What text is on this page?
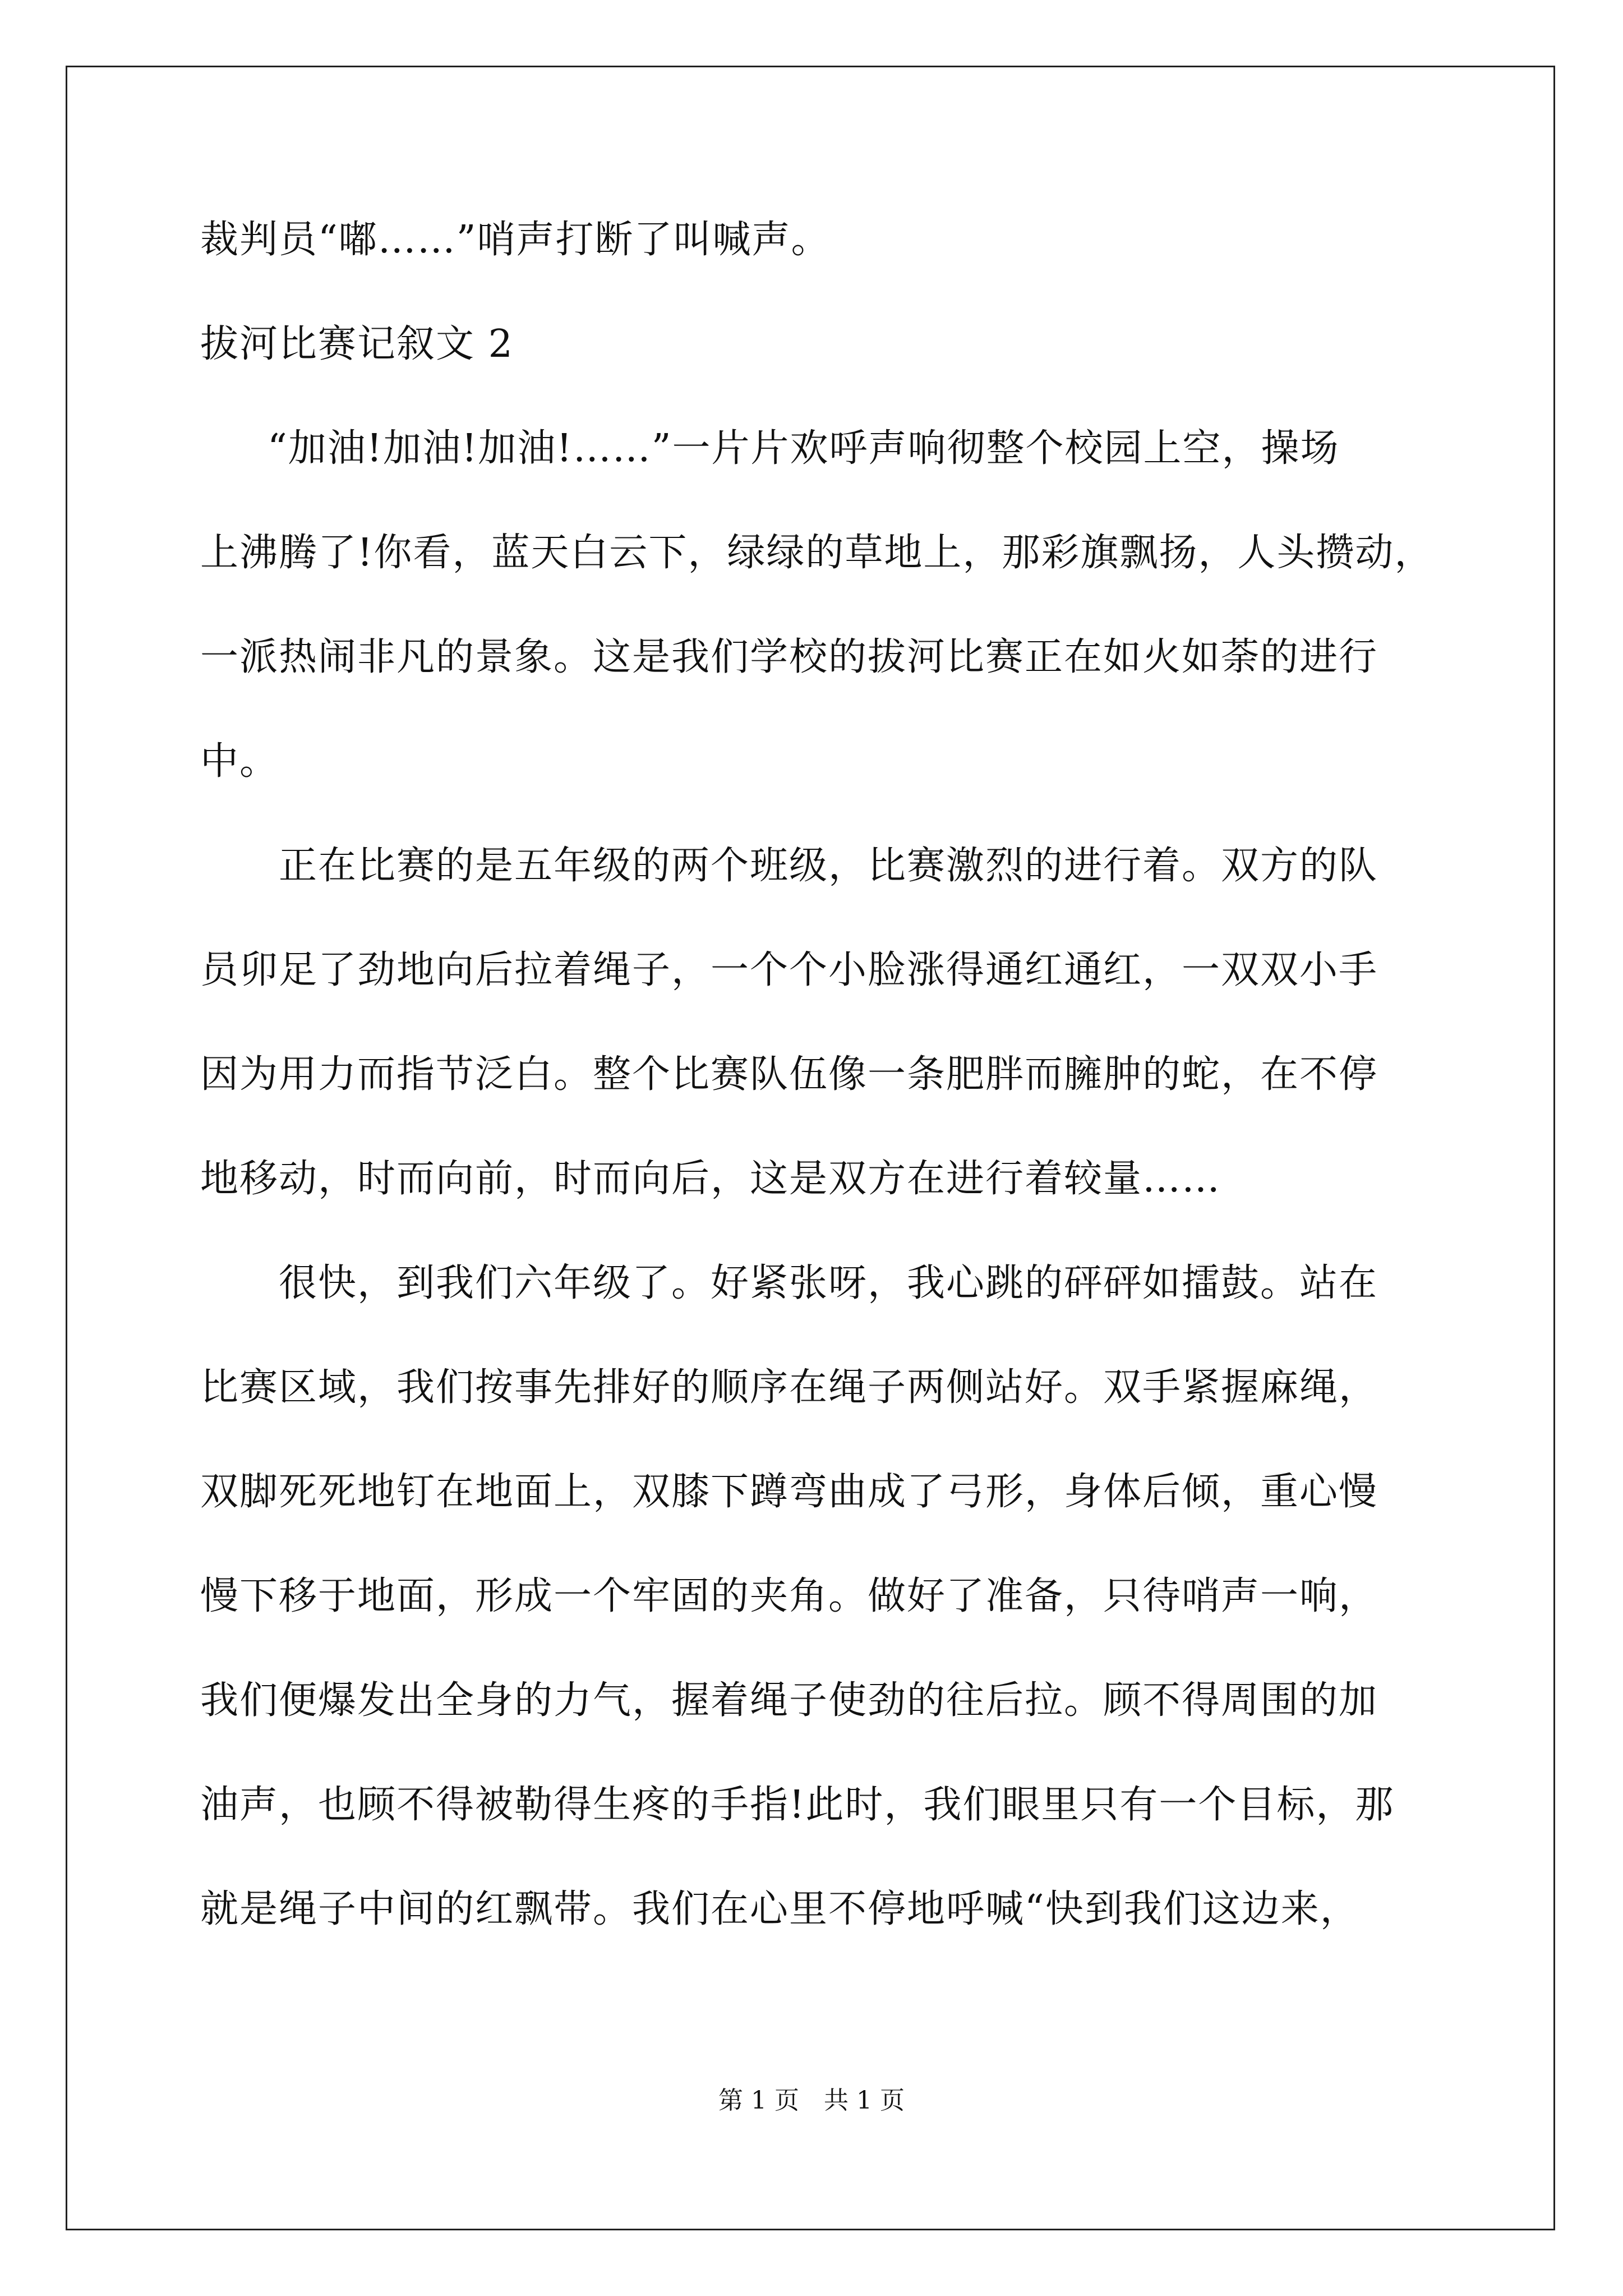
裁判员“嘟……”哨声打断了叫喊声。
拔河比赛记叙文 2
“加油!加油!加油!……”一片片欢呼声响彻整个校园上空，操场
上沸腾了!你看，蓝天白云下，绿绿的草地上，那彩旗飘扬，人头攒动，
一派热闹非凡的景象。这是我们学校的拔河比赛正在如火如荼的进行
中。
正在比赛的是五年级的两个班级，比赛激烈的进行着。双方的队
员卯足了劲地向后拉着绳子，一个个小脸涨得通红通红，一双双小手
因为用力而指节泛白。整个比赛队伍像一条肥胖而臃肿的蛇，在不停
地移动，时而向前，时而向后，这是双方在进行着较量……
很快，到我们六年级了。好紧张呀，我心跳的砰砰如擂鼓。站在
比赛区域，我们按事先排好的顺序在绳子两侧站好。双手紧握麻绳，
双脚死死地钉在地面上，双膝下蹲弯曲成了弓形，身体后倾，重心慢
慢下移于地面，形成一个牢固的夹角。做好了准备，只待哨声一响，
我们便爆发出全身的力气，握着绳子使劲的往后拉。顾不得周围的加
油声，也顾不得被勒得生疼的手指!此时，我们眼里只有一个目标，那
就是绳子中间的红飘带。我们在心里不停地呼喊“快到我们这边来，
第 1 页　共 1 页
